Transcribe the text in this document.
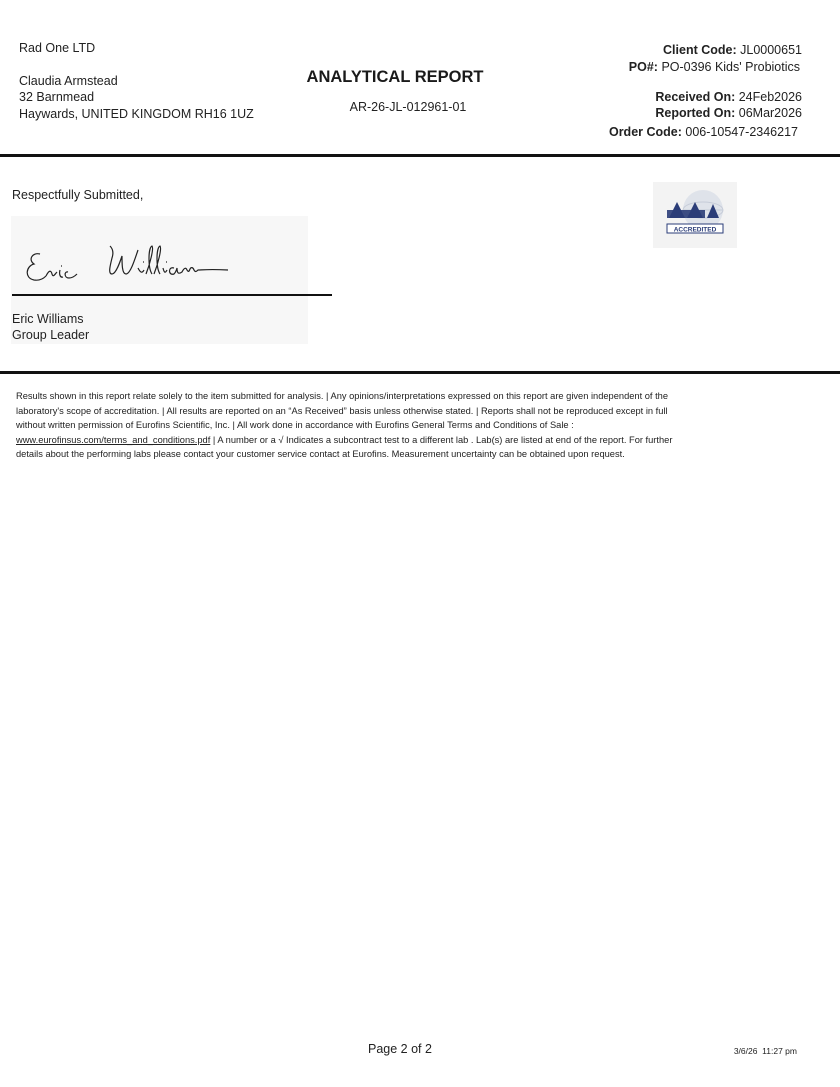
Rad One LTD
Claudia Armstead
32 Barnmead
Haywards, UNITED KINGDOM RH16 1UZ
ANALYTICAL REPORT
AR-26-JL-012961-01
Client Code: JL0000651
PO#: PO-0396 Kids' Probiotics
Received On: 24Feb2026
Reported On: 06Mar2026
Order Code: 006-10547-2346217
Respectfully Submitted,
Eric Williams
Group Leader
ACCREDITED
Results shown in this report relate solely to the item submitted for analysis. | Any opinions/interpretations expressed on this report are given independent of the
laboratory's scope of accreditation. | All results are reported on an “As Received” basis unless otherwise stated. | Reports shall not be reproduced except in full
without written permission of Eurofins Scientific, Inc. | All work done in accordance with Eurofins General Terms and Conditions of Sale :
www.eurofinsus.com/terms_and_conditions.pdf | A number or a √ Indicates a subcontract test to a different lab . Lab(s) are listed at end of the report. For further
details about the performing labs please contact your customer service contact at Eurofins. Measurement uncertainty can be obtained upon request.
Page 2 of 2	3/6/26  11:27 pm
